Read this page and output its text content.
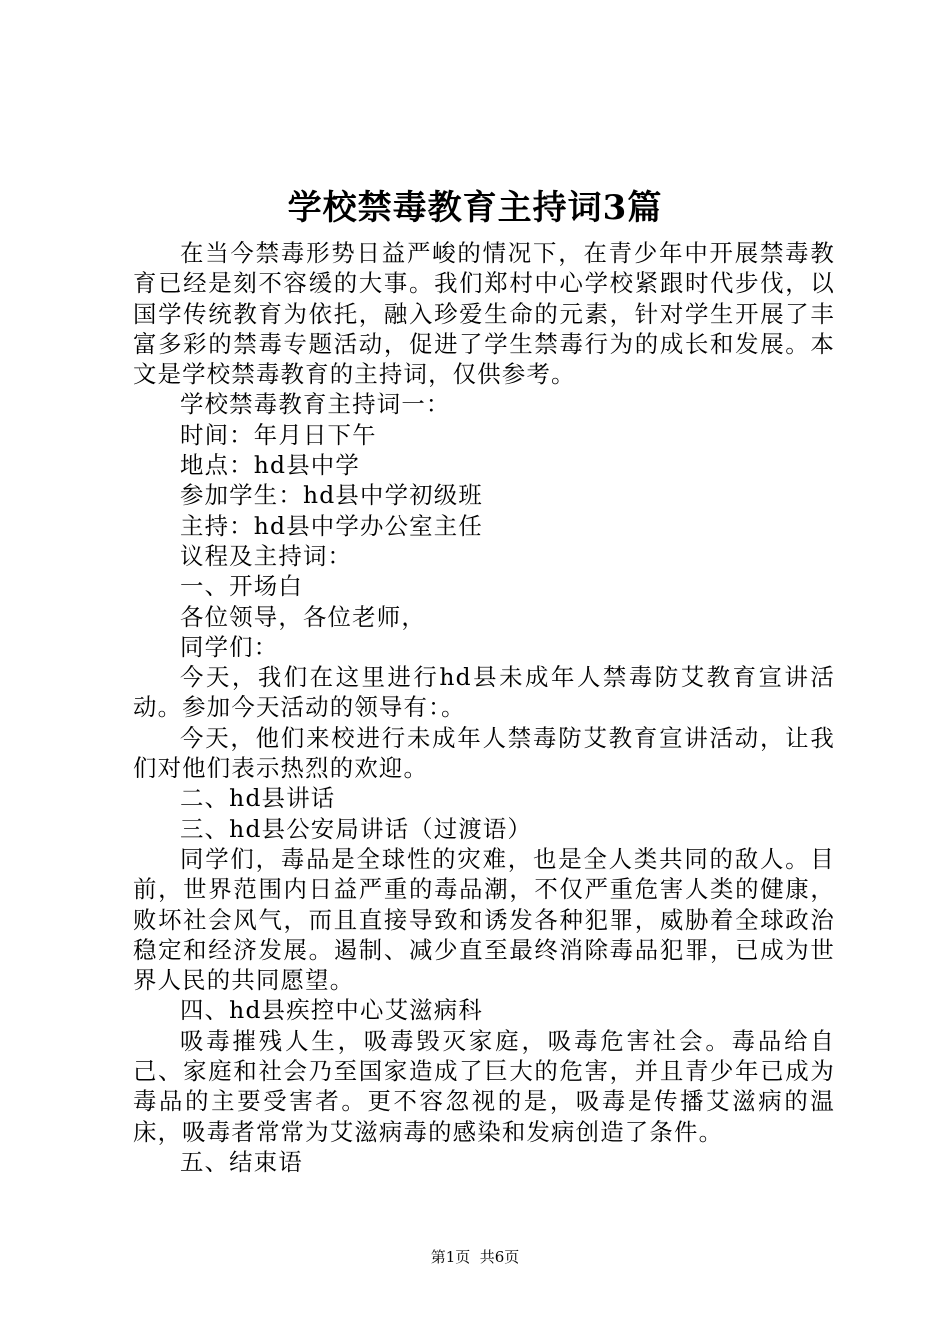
学校禁毒教育主持词3篇

在当今禁毒形势日益严峻的情况下，在青少年中开展禁毒教育已经是刻不容缓的大事。我们郑村中心学校紧跟时代步伐，以国学传统教育为依托，融入珍爱生命的元素，针对学生开展了丰富多彩的禁毒专题活动，促进了学生禁毒行为的成长和发展。本文是学校禁毒教育的主持词，仅供参考。

学校禁毒教育主持词一：

时间：年月日下午

地点：hd县中学

参加学生：hd县中学初级班

主持：hd县中学办公室主任

议程及主持词：

一、开场白

各位领导，各位老师，

同学们：

今天，我们在这里进行hd县未成年人禁毒防艾教育宣讲活动。参加今天活动的领导有：。

今天，他们来校进行未成年人禁毒防艾教育宣讲活动，让我们对他们表示热烈的欢迎。

二、hd县讲话

三、hd县公安局讲话（过渡语）

同学们，毒品是全球性的灾难，也是全人类共同的敌人。目前，世界范围内日益严重的毒品潮，不仅严重危害人类的健康，败坏社会风气，而且直接导致和诱发各种犯罪，威胁着全球政治稳定和经济发展。遏制、减少直至最终消除毒品犯罪，已成为世界人民的共同愿望。

四、hd县疾控中心艾滋病科

吸毒摧残人生，吸毒毁灭家庭，吸毒危害社会。毒品给自己、家庭和社会乃至国家造成了巨大的危害，并且青少年已成为毒品的主要受害者。更不容忽视的是，吸毒是传播艾滋病的温床，吸毒者常常为艾滋病毒的感染和发病创造了条件。

五、结束语

第1页  共6页
